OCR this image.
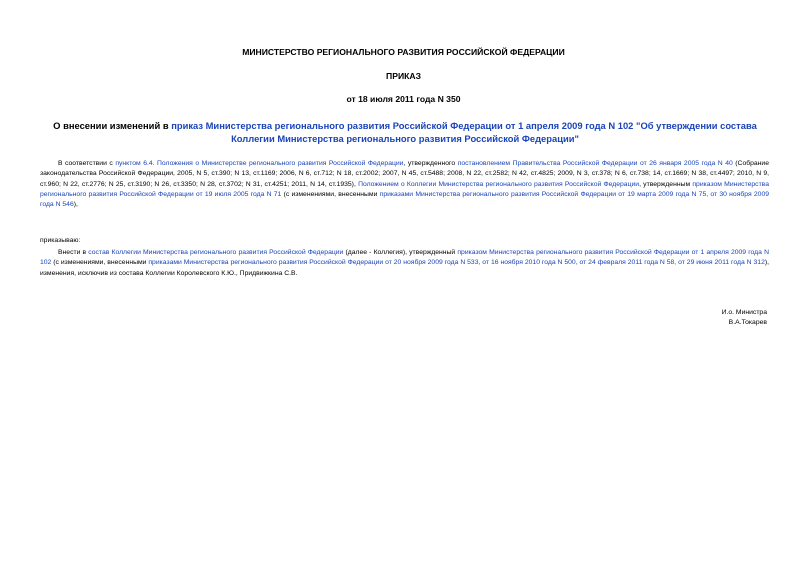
МИНИСТЕРСТВО РЕГИОНАЛЬНОГО РАЗВИТИЯ РОССИЙСКОЙ ФЕДЕРАЦИИ
ПРИКАЗ
от 18 июля 2011 года N 350
О внесении изменений в приказ Министерства регионального развития Российской Федерации от 1 апреля 2009 года N 102 "Об утверждении состава Коллегии Министерства регионального развития Российской Федерации"
В соответствии с пунктом 6.4. Положения о Министерстве регионального развития Российской Федерации, утвержденного постановлением Правительства Российской Федерации от 26 января 2005 года N 40 (Собрание законодательства Российской Федерации, 2005, N 5, ст.390; N 13, ст.1169; 2006, N 6, ст.712; N 18, ст.2002; 2007, N 45, ст.5488; 2008, N 22, ст.2582; N 42, ст.4825; 2009, N 3, ст.378; N 6, ст.738; 14, ст.1669; N 38, ст.4497; 2010, N 9, ст.960; N 22, ст.2776; N 25, ст.3190; N 26, ст.3350; N 28, ст.3702; N 31, ст.4251; 2011, N 14, ст.1935), Положением о Коллегии Министерства регионального развития Российской Федерации, утвержденным приказом Министерства регионального развития Российской Федерации от 19 июля 2005 года N 71 (с изменениями, внесенными приказами Министерства регионального развития Российской Федерации от 19 марта 2009 года N 75, от 30 ноября 2009 года N 546),
приказываю:
Внести в состав Коллегии Министерства регионального развития Российской Федерации (далее - Коллегия), утвержденный приказом Министерства регионального развития Российской Федерации от 1 апреля 2009 года N 102 (с изменениями, внесенными приказами Министерства регионального развития Российской Федерации от 20 ноября 2009 года N 533, от 16 ноября 2010 года N 500, от 24 февраля 2011 года N 58, от 29 июня 2011 года N 312), изменения, исключив из состава Коллегии Королевского К.Ю., Придвижкина С.В.
И.о. Министра
В.А.Токарев
